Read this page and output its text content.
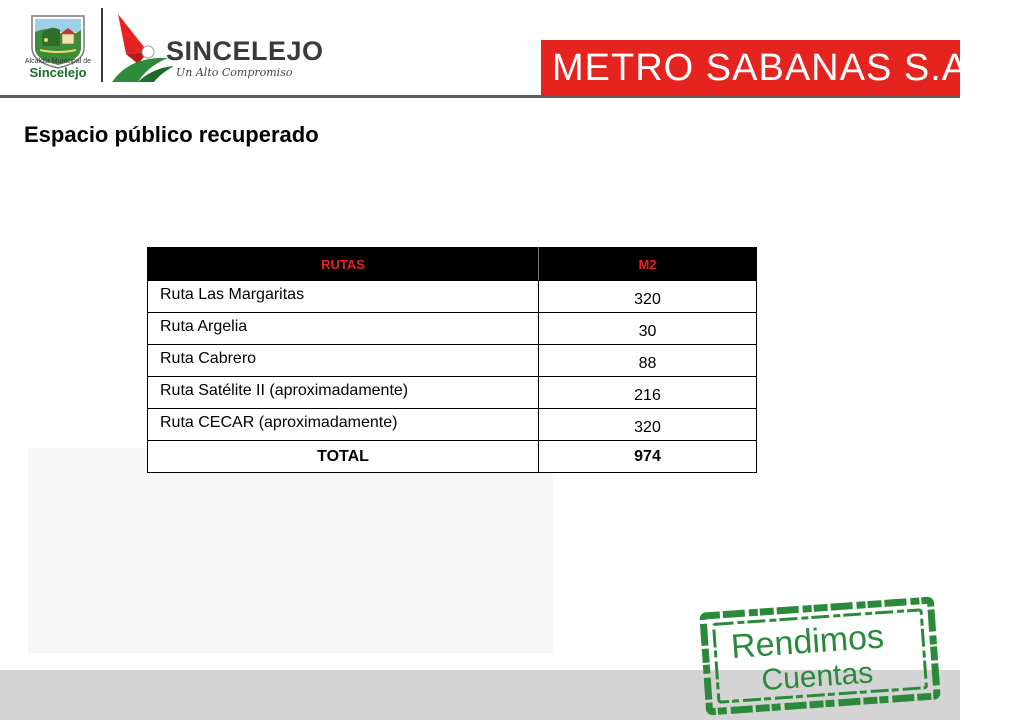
Alcaldía Municipal de
Sincelejo
SINCELEJO
Un Alto Compromiso	METRO SABANAS S.A.S.
Espacio público recuperado
RUTAS	M2
Ruta Las Margaritas	320
Ruta Argelia	30
Ruta Cabrero	88
Ruta Satélite II (aproximadamente)	216
Ruta CECAR (aproximadamente)	320
TOTAL	974
Rendimos
Cuentas
